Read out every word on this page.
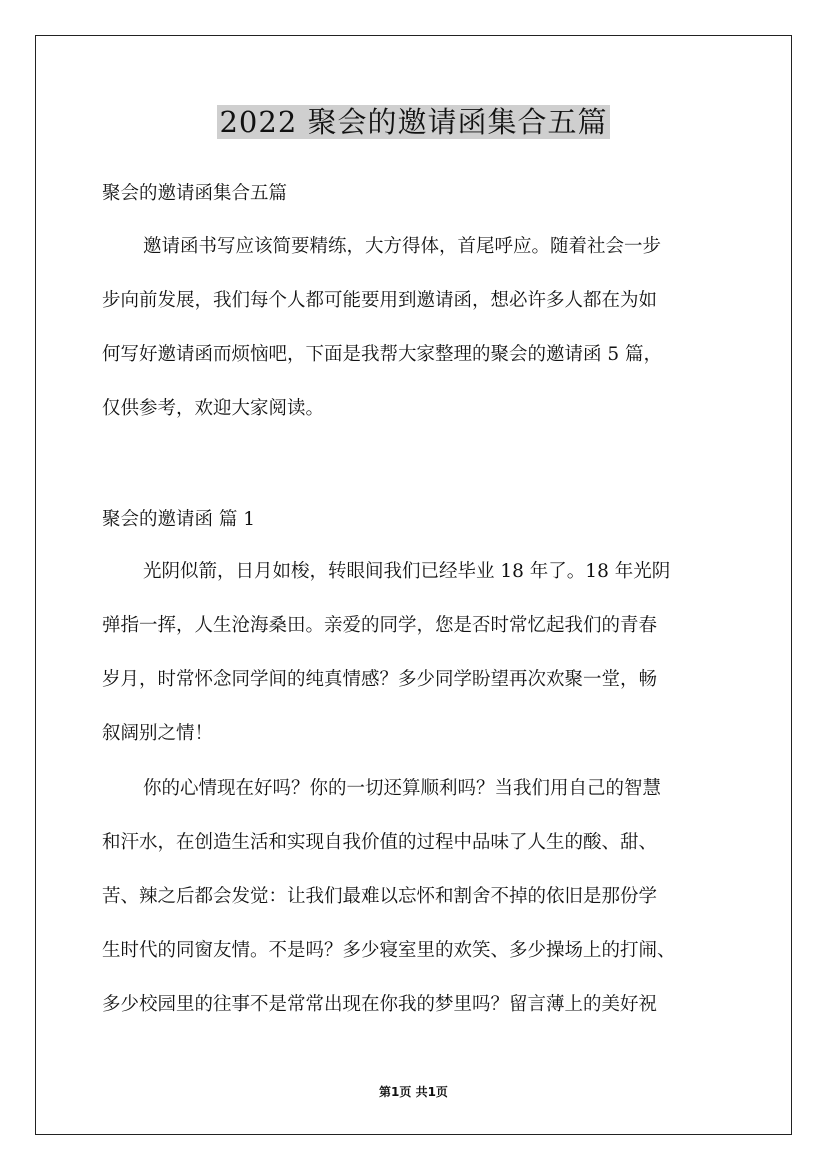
2022 聚会的邀请函集合五篇
聚会的邀请函集合五篇
邀请函书写应该简要精练，大方得体，首尾呼应。随着社会一步
步向前发展，我们每个人都可能要用到邀请函，想必许多人都在为如
何写好邀请函而烦恼吧，下面是我帮大家整理的聚会的邀请函 5 篇，
仅供参考，欢迎大家阅读。
聚会的邀请函 篇 1
光阴似箭，日月如梭，转眼间我们已经毕业 18 年了。18 年光阴
弹指一挥，人生沧海桑田。亲爱的同学，您是否时常忆起我们的青春
岁月，时常怀念同学间的纯真情感？多少同学盼望再次欢聚一堂，畅
叙阔别之情！
你的心情现在好吗？你的一切还算顺利吗？当我们用自己的智慧
和汗水，在创造生活和实现自我价值的过程中品味了人生的酸、甜、
苦、辣之后都会发觉：让我们最难以忘怀和割舍不掉的依旧是那份学
生时代的同窗友情。不是吗？多少寝室里的欢笑、多少操场上的打闹、
多少校园里的往事不是常常出现在你我的梦里吗？留言薄上的美好祝
第1页 共1页
